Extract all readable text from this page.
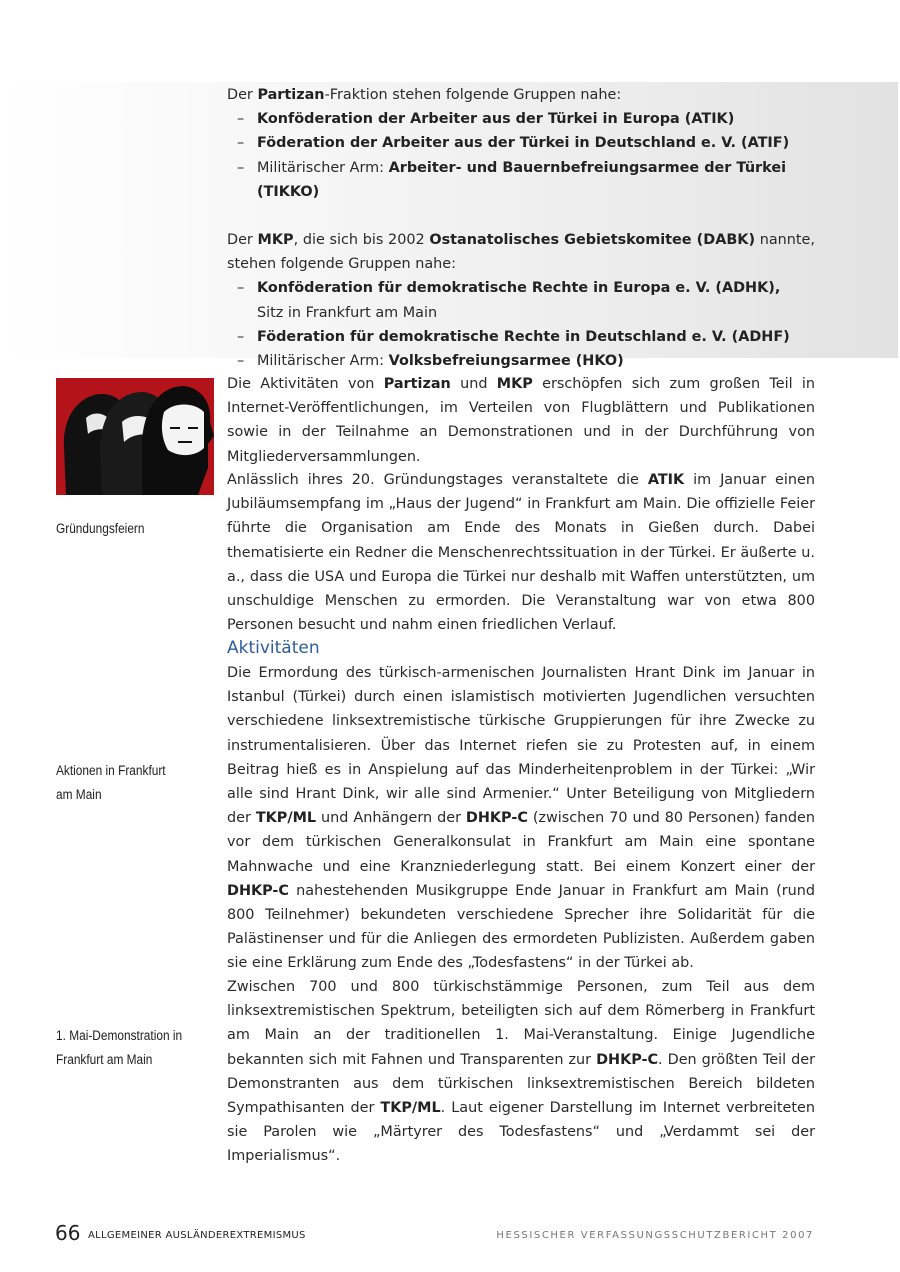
Der Partizan-Fraktion stehen folgende Gruppen nahe:

– Konföderation der Arbeiter aus der Türkei in Europa (ATIK)
– Föderation der Arbeiter aus der Türkei in Deutschland e. V. (ATIF)
– Militärischer Arm: Arbeiter- und Bauernbefreiungsarmee der Türkei (TIKKO)

Der MKP, die sich bis 2002 Ostanatolisches Gebietskomitee (DABK) nannte, stehen folgende Gruppen nahe:

– Konföderation für demokratische Rechte in Europa e. V. (ADHK),
Sitz in Frankfurt am Main
– Föderation für demokratische Rechte in Deutschland e. V. (ADHF)
– Militärischer Arm: Volksbefreiungsarmee (HKO)

Die Aktivitäten von Partizan und MKP erschöpfen sich zum großen Teil in Internet-Veröffentlichungen, im Verteilen von Flugblättern und Publikationen sowie in der Teilnahme an Demonstrationen und in der Durchführung von Mitgliederversammlungen.

Anlässlich ihres 20. Gründungstages veranstaltete die ATIK im Januar einen Jubiläumsempfang im „Haus der Jugend“ in Frankfurt am Main. Die offizielle Feier führte die Organisation am Ende des Monats in Gießen durch. Dabei thematisierte ein Redner die Menschenrechtssituation in der Türkei. Er äußerte u. a., dass die USA und Europa die Türkei nur deshalb mit Waffen unterstützten, um unschuldige Menschen zu ermorden. Die Veranstaltung war von etwa 800 Personen besucht und nahm einen friedlichen Verlauf.

Gründungsfeiern
Aktivitäten

Die Ermordung des türkisch-armenischen Journalisten Hrant Dink im Januar in Istanbul (Türkei) durch einen islamistisch motivierten Jugendlichen versuchten verschiedene linksextremistische türkische Gruppierungen für ihre Zwecke zu instrumentalisieren. Über das Internet riefen sie zu Protesten auf, in einem Beitrag hieß es in Anspielung auf das Minderheitenproblem in der Türkei: „Wir alle sind Hrant Dink, wir alle sind Armenier.“ Unter Beteiligung von Mitgliedern der TKP/ML und Anhängern der DHKP-C (zwischen 70 und 80 Personen) fanden vor dem türkischen Generalkonsulat in Frankfurt am Main eine spontane Mahnwache und eine Kranzniederlegung statt. Bei einem Konzert einer der DHKP-C nahestehenden Musikgruppe Ende Januar in Frankfurt am Main (rund 800 Teilnehmer) bekundeten verschiedene Sprecher ihre Solidarität für die Palästinenser und für die Anliegen des ermordeten Publizisten. Außerdem gaben sie eine Erklärung zum Ende des „Todesfastens“ in der Türkei ab.

Aktionen in Frankfurt
am Main

Zwischen 700 und 800 türkischstämmige Personen, zum Teil aus dem linksextremistischen Spektrum, beteiligten sich auf dem Römerberg in Frankfurt am Main an der traditionellen 1. Mai-Veranstaltung. Einige Jugendliche bekannten sich mit Fahnen und Transparenten zur DHKP-C. Den größten Teil der Demonstranten aus dem türkischen linksextremistischen Bereich bildeten Sympathisanten der TKP/ML. Laut eigener Darstellung im Internet verbreiteten sie Parolen wie „Märtyrer des Todesfastens“ und „Verdammt sei der Imperialismus“.

1. Mai-Demonstration in
Frankfurt am Main
66 ALLGEMEINER AUSLÄNDEREXTREMISMUS	HESSISCHER VERFASSUNGSSCHUTZBERICHT 2007
